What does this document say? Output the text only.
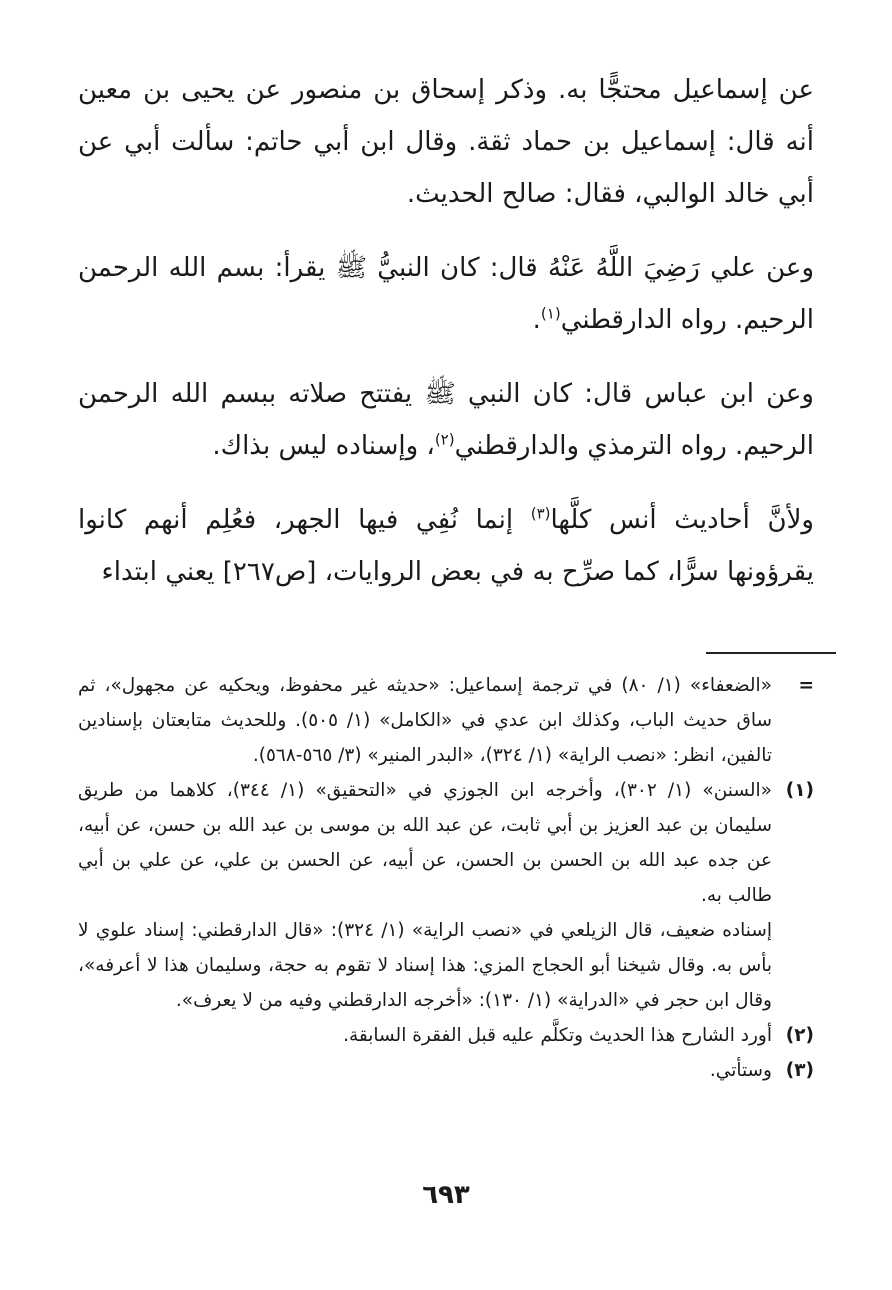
عن إسماعيل محتجًّا به. وذكر إسحاق بن منصور عن يحيى بن معين أنه قال: إسماعيل بن حماد ثقة. وقال ابن أبي حاتم: سألت أبي عن أبي خالد الوالبي، فقال: صالح الحديث.

وعن علي رَضِيَ اللَّهُ عَنْهُ قال: كان النبيُّ ﷺ يقرأ: بسم الله الرحمن الرحيم. رواه الدارقطني$^{(١)}$.

وعن ابن عباس قال: كان النبي ﷺ يفتتح صلاته ببسم الله الرحمن الرحيم. رواه الترمذي والدارقطني$^{(٢)}$، وإسناده ليس بذاك.

ولأنَّ أحاديث أنس كلَّها$^{(٣)}$ إنما نُفِي فيها الجهر، فعُلِم أنهم كانوا يقرؤونها سرًّا، كما صرِّح به في بعض الروايات، [ص٢٦٧] يعني ابتداء

=
«الضعفاء» (١/ ٨٠) في ترجمة إسماعيل: «حديثه غير محفوظ، ويحكيه عن مجهول»، ثم ساق حديث الباب، وكذلك ابن عدي في «الكامل» (١/ ٥٠٥). وللحديث متابعتان بإسنادين تالفين، انظر: «نصب الراية» (١/ ٣٢٤)، «البدر المنير» (٣/ ٥٦٥-٥٦٨).
(١)
«السنن» (١/ ٣٠٢)، وأخرجه ابن الجوزي في «التحقيق» (١/ ٣٤٤)، كلاهما من طريق سليمان بن عبد العزيز بن أبي ثابت، عن عبد الله بن موسى بن عبد الله بن حسن، عن أبيه، عن جده عبد الله بن الحسن بن الحسن، عن أبيه، عن الحسن بن علي، عن علي بن أبي طالب به.
إسناده ضعيف، قال الزيلعي في «نصب الراية» (١/ ٣٢٤): «قال الدارقطني: إسناد علوي لا بأس به. وقال شيخنا أبو الحجاج المزي: هذا إسناد لا تقوم به حجة، وسليمان هذا لا أعرفه»، وقال ابن حجر في «الدراية» (١/ ١٣٠): «أخرجه الدارقطني وفيه من لا يعرف».
(٢)
أورد الشارح هذا الحديث وتكلَّم عليه قبل الفقرة السابقة.
(٣)
وستأتي.
٦٩٣
